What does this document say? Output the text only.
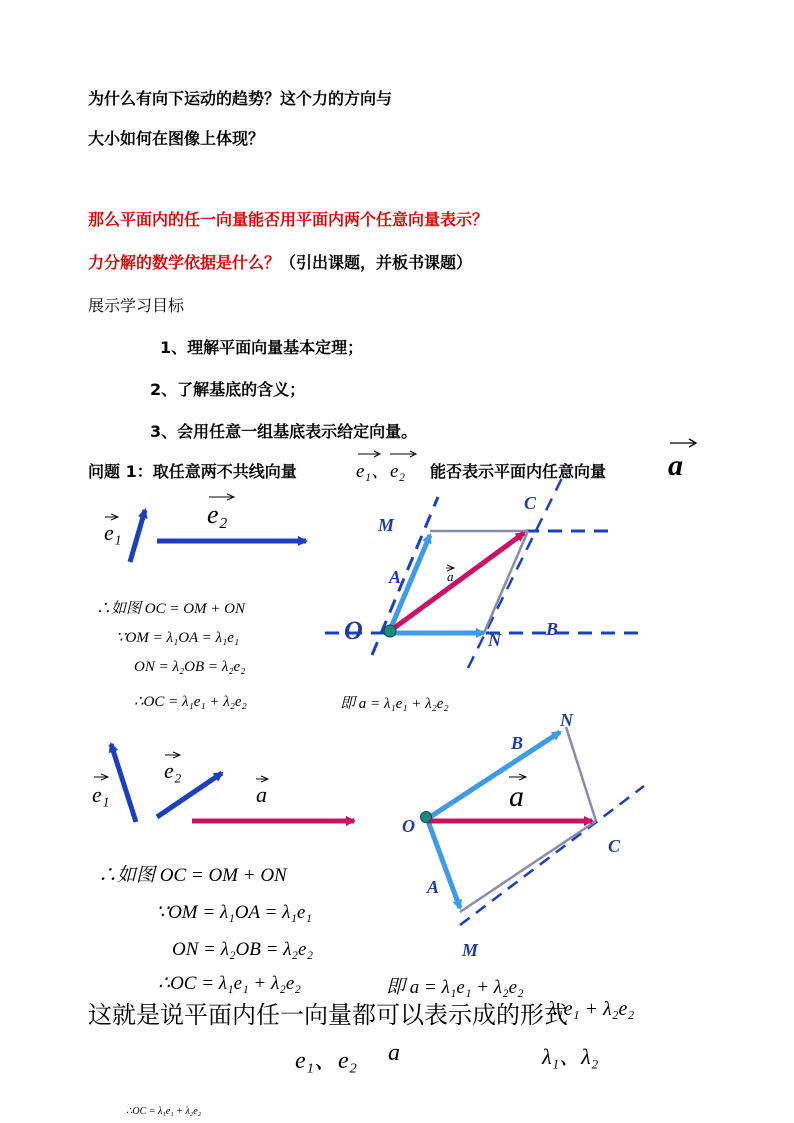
为什么有向下运动的趋势？这个力的方向与
大小如何在图像上体现？
那么平面内的任一向量能否用平面内两个任意向量表示？
力分解的数学依据是什么？（引出课题，并板书课题）
展示学习目标
1、理解平面向量基本定理；
2、了解基底的含义；
3、会用任意一组基底表示给定向量。
问题 1：取任意两不共线向量	e₁、e₂ 能否表示平面内任意向量 a
e₁
e₂	M
C
A	a
O	N
B
∴如图 OC = OM + ON
∵OM = λ₁OA = λ₁e₁
ON = λ₂OB = λ₂e₂
∴OC = λ₁e₁ + λ₂e₂	即 a = λ₁e₁ + λ₂e₂
e₁
e₂
a
N
B
a
O
C
A
M
∴如图 OC = OM + ON
∵OM = λ₁OA = λ₁e₁
ON = λ₂OB = λ₂e₂
∴OC = λ₁e₁ + λ₂e₂	即 a = λ₁e₁ + λ₂e₂
这就是说平面内任一向量都可以表示成的形式
λ₁e₁ + λ₂e₂
e₁、e₂ a	λ₁、λ₂
∴OC = λ₁e₁ + λ₂e₂
